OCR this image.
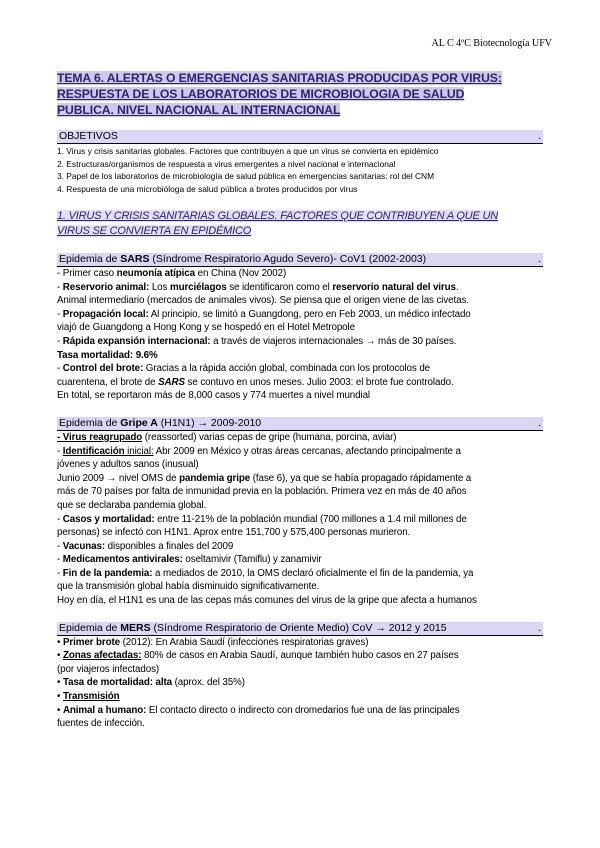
AL C 4ºC Biotecnología UFV
TEMA 6. ALERTAS O EMERGENCIAS SANITARIAS PRODUCIDAS POR VIRUS:
RESPUESTA DE LOS LABORATORIOS DE MICROBIOLOGIA DE SALUD
PUBLICA. NIVEL NACIONAL AL INTERNACIONAL
OBJETIVOS	.
1. Virus y crisis sanitarias globales. Factores que contribuyen a que un virus se convierta en epidémico
2. Estructuras/organismos de respuesta a virus emergentes a nivel nacional e internacional
3. Papel de los laboratorios de microbiología de salud pública en emergencias sanitarias: rol del CNM
4. Respuesta de una microbióloga de salud pública a brotes producidos por virus
1. VIRUS Y CRISIS SANITARIAS GLOBALES. FACTORES QUE CONTRIBUYEN A QUE UN
VIRUS SE CONVIERTA EN EPIDÉMICO
Epidemia de SARS (Síndrome Respiratorio Agudo Severo)- CoV1 (2002-2003)	.
- Primer caso neumonía atípica en China (Nov 2002)
- Reservorio animal: Los murciélagos se identificaron como el reservorio natural del virus.
Animal intermediario (mercados de animales vivos). Se piensa que el origen viene de las civetas.
- Propagación local: Al principio, se limitó a Guangdong, pero en Feb 2003, un médico infectado
viajó de Guangdong a Hong Kong y se hospedó en el Hotel Metropole
- Rápida expansión internacional: a través de viajeros internacionales → más de 30 países.
Tasa mortalidad: 9.6%
- Control del brote: Gracias a la rápida acción global, combinada con los protocolos de
cuarentena, el brote de SARS se contuvo en unos meses. Julio 2003: el brote fue controlado.
En total, se reportaron más de 8,000 casos y 774 muertes a nivel mundial
Epidemia de Gripe A (H1N1) → 2009-2010	.
- Virus reagrupado (reassorted) varias cepas de gripe (humana, porcina, aviar)
- Identificación inicial: Abr 2009 en México y otras áreas cercanas, afectando principalmente a
jóvenes y adultos sanos (inusual)
Junio 2009 → nivel OMS de pandemia gripe (fase 6), ya que se había propagado rápidamente a
más de 70 países por falta de inmunidad previa en la población. Primera vez en más de 40 años
que se declaraba pandemia global.
- Casos y mortalidad: entre 11-21% de la población mundial (700 millones a 1.4 mil millones de
personas) se infectó con H1N1. Aprox entre 151,700 y 575,400 personas murieron.
- Vacunas: disponibles a finales del 2009
- Medicamentos antivirales: oseltamivir (Tamiflu) y zanamivir
- Fin de la pandemia: a mediados de 2010, la OMS declaró oficialmente el fin de la pandemia, ya
que la transmisión global había disminuido significativamente.
Hoy en día, el H1N1 es una de las cepas más comunes del virus de la gripe que afecta a humanos
Epidemia de MERS (Síndrome Respiratorio de Oriente Medio) CoV → 2012 y 2015	.
• Primer brote (2012): En Arabia Saudí (infecciones respiratorias graves)
• Zonas afectadas: 80% de casos en Arabia Saudí, aunque también hubo casos en 27 países
(por viajeros infectados)
• Tasa de mortalidad: alta (aprox. del 35%)
• Transmisión
• Animal a humano: El contacto directo o indirecto con dromedarios fue una de las principales
fuentes de infección.
